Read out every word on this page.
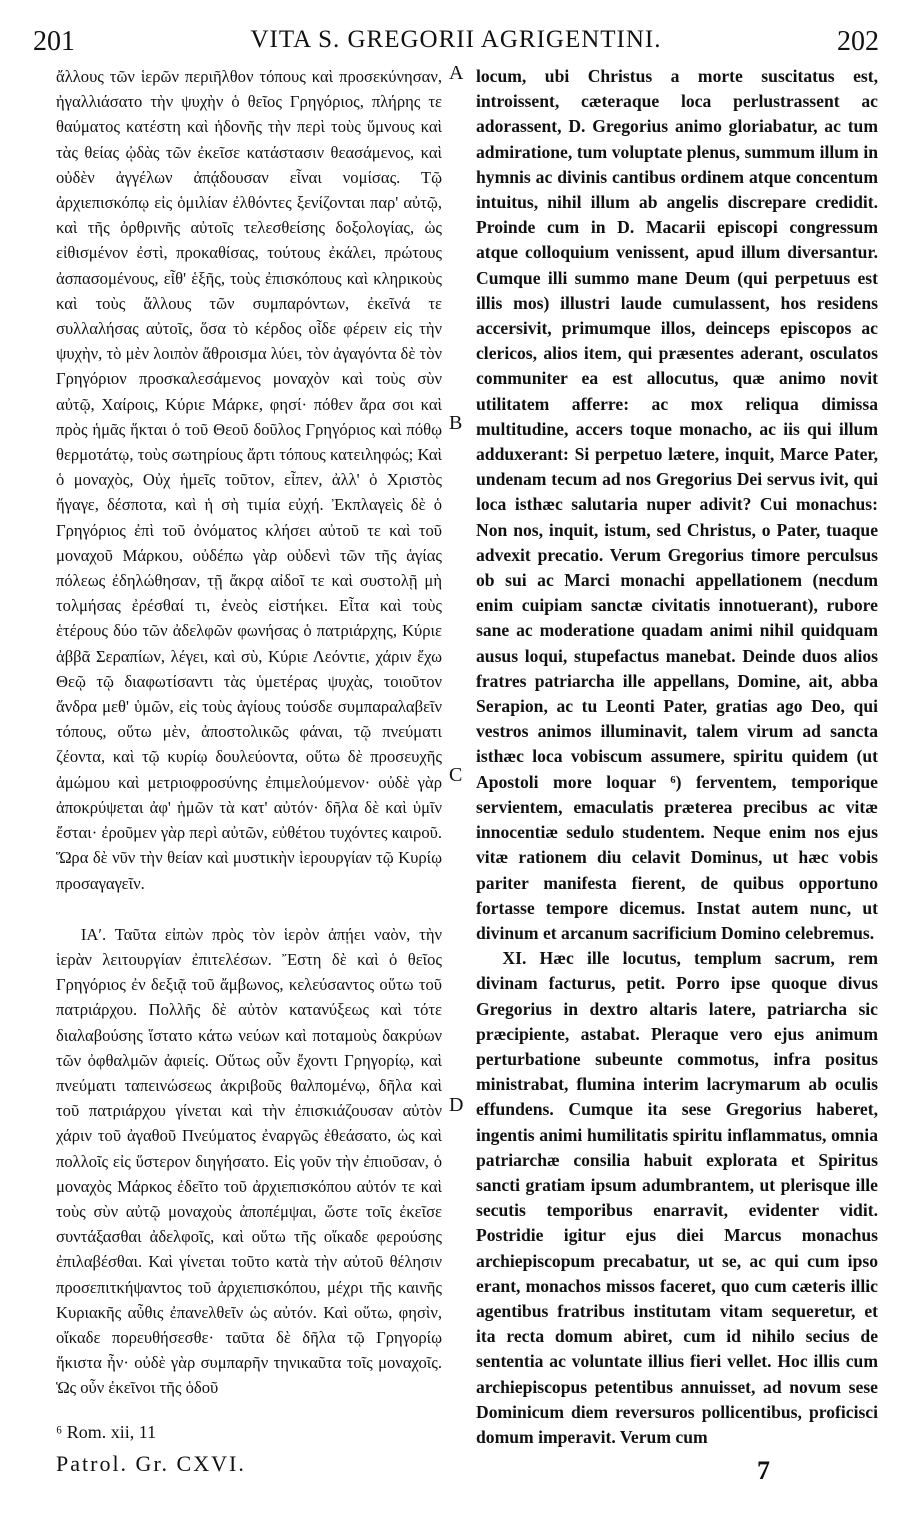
201	VITA S. GREGORII AGRIGENTINI.	202

ἄλλους τῶν ἱερῶν περιῆλθον τόπους καὶ προσεκύνησαν, ἠγαλλιάσατο τὴν ψυχὴν ὁ θεῖος Γρηγόριος, πλήρης τε θαύματος κατέστη καὶ ἡδονῆς τὴν περὶ τοὺς ὕμνους καὶ τὰς θείας ᾠδὰς τῶν ἐκεῖσε κατάστασιν θεασάμενος, καὶ οὐδὲν ἀγγέλων ἀπᾴδουσαν εἶναι νομίσας. Τῷ ἀρχιεπισκόπῳ εἰς ὁμιλίαν ἐλθόντες ξενίζονται παρ' αὐτῷ, καὶ τῆς ὀρθρινῆς αὐτοῖς τελεσθείσης δοξολογίας, ὡς εἰθισμένον ἐστὶ, προκαθίσας, τούτους ἐκάλει, πρώτους ἀσπασομένους, εἶθ' ἑξῆς, τοὺς ἐπισκόπους καὶ κληρικοὺς καὶ τοὺς ἄλλους τῶν συμπαρόντων, ἐκεῖνά τε συλλαλήσας αὐτοῖς, ὅσα τὸ κέρδος οἶδε φέρειν εἰς τὴν ψυχὴν, τὸ μὲν λοιπὸν ἄθροισμα λύει, τὸν ἀγαγόντα δὲ τὸν Γρηγόριον προσκαλεσάμενος μοναχὸν καὶ τοὺς σὺν αὐτῷ, Χαίροις, Κύριε Μάρκε, φησί· πόθεν ἄρα σοι καὶ πρὸς ἡμᾶς ἥκται ὁ τοῦ Θεοῦ δοῦλος Γρηγόριος καὶ πόθῳ θερμοτάτῳ, τοὺς σωτηρίους ἄρτι τόπους κατειληφώς; Καὶ ὁ μοναχὸς, Οὐχ ἡμεῖς τοῦτον, εἶπεν, ἀλλ' ὁ Χριστὸς ἤγαγε, δέσποτα, καὶ ἡ σὴ τιμία εὐχή. Ἐκπλαγεὶς δὲ ὁ Γρηγόριος ἐπὶ τοῦ ὀνόματος κλήσει αὐτοῦ τε καὶ τοῦ μοναχοῦ Μάρκου, οὐδέπω γὰρ οὐδενὶ τῶν τῆς ἁγίας πόλεως ἐδηλώθησαν, τῇ ἄκρᾳ αἰδοῖ τε καὶ συστολῇ μὴ τολμήσας ἐρέσθαί τι, ἐνεὸς εἱστήκει. Εἶτα καὶ τοὺς ἑτέρους δύο τῶν ἀδελφῶν φωνήσας ὁ πατριάρχης, Κύριε ἀββᾶ Σεραπίων, λέγει, καὶ σὺ, Κύριε Λεόντιε, χάριν ἔχω Θεῷ τῷ διαφωτίσαντι τὰς ὑμετέρας ψυχὰς, τοιοῦτον ἄνδρα μεθ' ὑμῶν, εἰς τοὺς ἁγίους τούσδε συμπαραλαβεῖν τόπους, οὕτω μὲν, ἀποστολικῶς φάναι, τῷ πνεύματι ζέοντα, καὶ τῷ κυρίῳ δουλεύοντα, οὕτω δὲ προσευχῆς ἀμώμου καὶ μετριοφροσύνης ἐπιμελούμενον· οὐδὲ γὰρ ἀποκρύψεται ἀφ' ἡμῶν τὰ κατ' αὐτόν· δῆλα δὲ καὶ ὑμῖν ἔσται· ἐροῦμεν γὰρ περὶ αὐτῶν, εὐθέτου τυχόντες καιροῦ. Ὥρα δὲ νῦν τὴν θείαν καὶ μυστικὴν ἱερουργίαν τῷ Κυρίῳ προσαγαγεῖν.

ΙΑʹ. Ταῦτα εἰπὼν πρὸς τὸν ἱερὸν ἀπῄει ναὸν, τὴν ἱερὰν λειτουργίαν ἐπιτελέσων. Ἔστη δὲ καὶ ὁ θεῖος Γρηγόριος ἐν δεξιᾷ τοῦ ἄμβωνος, κελεύσαντος οὕτω τοῦ πατριάρχου. Πολλῆς δὲ αὐτὸν κατανύξεως καὶ τότε διαλαβούσης ἵστατο κάτω νεύων καὶ ποταμοὺς δακρύων τῶν ὀφθαλμῶν ἀφιείς. Οὕτως οὖν ἔχοντι Γρηγορίῳ, καὶ πνεύματι ταπεινώσεως ἀκριβοῦς θαλπομένῳ, δῆλα καὶ τοῦ πατριάρχου γίνεται καὶ τὴν ἐπισκιάζουσαν αὐτὸν χάριν τοῦ ἀγαθοῦ Πνεύματος ἐναργῶς ἐθεάσατο, ὡς καὶ πολλοῖς εἰς ὕστερον διηγήσατο. Εἰς γοῦν τὴν ἐπιοῦσαν, ὁ μοναχὸς Μάρκος ἐδεῖτο τοῦ ἀρχιεπισκόπου αὐτόν τε καὶ τοὺς σὺν αὐτῷ μοναχοὺς ἀποπέμψαι, ὥστε τοῖς ἐκεῖσε συντάξασθαι ἀδελφοῖς, καὶ οὕτω τῆς οἴκαδε φερούσης ἐπιλαβέσθαι. Καὶ γίνεται τοῦτο κατὰ τὴν αὐτοῦ θέλησιν προσεπιτκήψαντος τοῦ ἀρχιεπισκόπου, μέχρι τῆς καινῆς Κυριακῆς αὖθις ἐπανελθεῖν ὡς αὐτόν. Καὶ οὕτω, φησὶν, οἴκαδε πορευθήσεσθε· ταῦτα δὲ δῆλα τῷ Γρηγορίῳ ἥκιστα ἦν· οὐδὲ γὰρ συμπαρῆν τηνικαῦτα τοῖς μοναχοῖς. Ὡς οὖν ἐκεῖνοι τῆς ὁδοῦ

A
B
C
D

locum, ubi Christus a morte suscitatus est, introissent, cæteraque loca perlustrassent ac adorassent, D. Gregorius animo gloriabatur, ac tum admiratione, tum voluptate plenus, summum illum in hymnis ac divinis cantibus ordinem atque concentum intuitus, nihil illum ab angelis discrepare credidit. Proinde cum in D. Macarii episcopi congressum atque colloquium venissent, apud illum diversantur. Cumque illi summo mane Deum (qui perpetuus est illis mos) illustri laude cumulassent, hos residens accersivit, primumque illos, deinceps episcopos ac clericos, alios item, qui præsentes aderant, osculatos communiter ea est allocutus, quæ animo novit utilitatem afferre: ac mox reliqua dimissa multitudine, accers toque monacho, ac iis qui illum adduxerant: Si perpetuo lætere, inquit, Marce Pater, undenam tecum ad nos Gregorius Dei servus ivit, qui loca isthæc salutaria nuper adivit? Cui monachus: Non nos, inquit, istum, sed Christus, o Pater, tuaque advexit precatio. Verum Gregorius timore perculsus ob sui ac Marci monachi appellationem (necdum enim cuipiam sanctæ civitatis innotuerant), rubore sane ac moderatione quadam animi nihil quidquam ausus loqui, stupefactus manebat. Deinde duos alios fratres patriarcha ille appellans, Domine, ait, abba Serapion, ac tu Leonti Pater, gratias ago Deo, qui vestros animos illuminavit, talem virum ad sancta isthæc loca vobiscum assumere, spiritu quidem (ut Apostoli more loquar ⁶) ferventem, temporique servientem, emaculatis præterea precibus ac vitæ innocentiæ sedulo studentem. Neque enim nos ejus vitæ rationem diu celavit Dominus, ut hæc vobis pariter manifesta fierent, de quibus opportuno fortasse tempore dicemus. Instat autem nunc, ut divinum et arcanum sacrificium Domino celebremus.

XI. Hæc ille locutus, templum sacrum, rem divinam facturus, petit. Porro ipse quoque divus Gregorius in dextro altaris latere, patriarcha sic præcipiente, astabat. Pleraque vero ejus animum perturbatione subeunte commotus, infra positus ministrabat, flumina interim lacrymarum ab oculis effundens. Cumque ita sese Gregorius haberet, ingentis animi humilitatis spiritu inflammatus, omnia patriarchæ consilia habuit explorata et Spiritus sancti gratiam ipsum adumbrantem, ut plerisque ille secutis temporibus enarravit, evidenter vidit. Postridie igitur ejus diei Marcus monachus archiepiscopum precabatur, ut se, ac qui cum ipso erant, monachos missos faceret, quo cum cæteris illic agentibus fratribus institutam vitam sequeretur, et ita recta domum abiret, cum id nihilo secius de sententia ac voluntate illius fieri vellet. Hoc illis cum archiepiscopus petentibus annuisset, ad novum sese Dominicum diem reversuros pollicentibus, proficisci domum imperavit. Verum cum

⁶ Rom. xii, 11
Patrol. Gr. CXVI.	7
